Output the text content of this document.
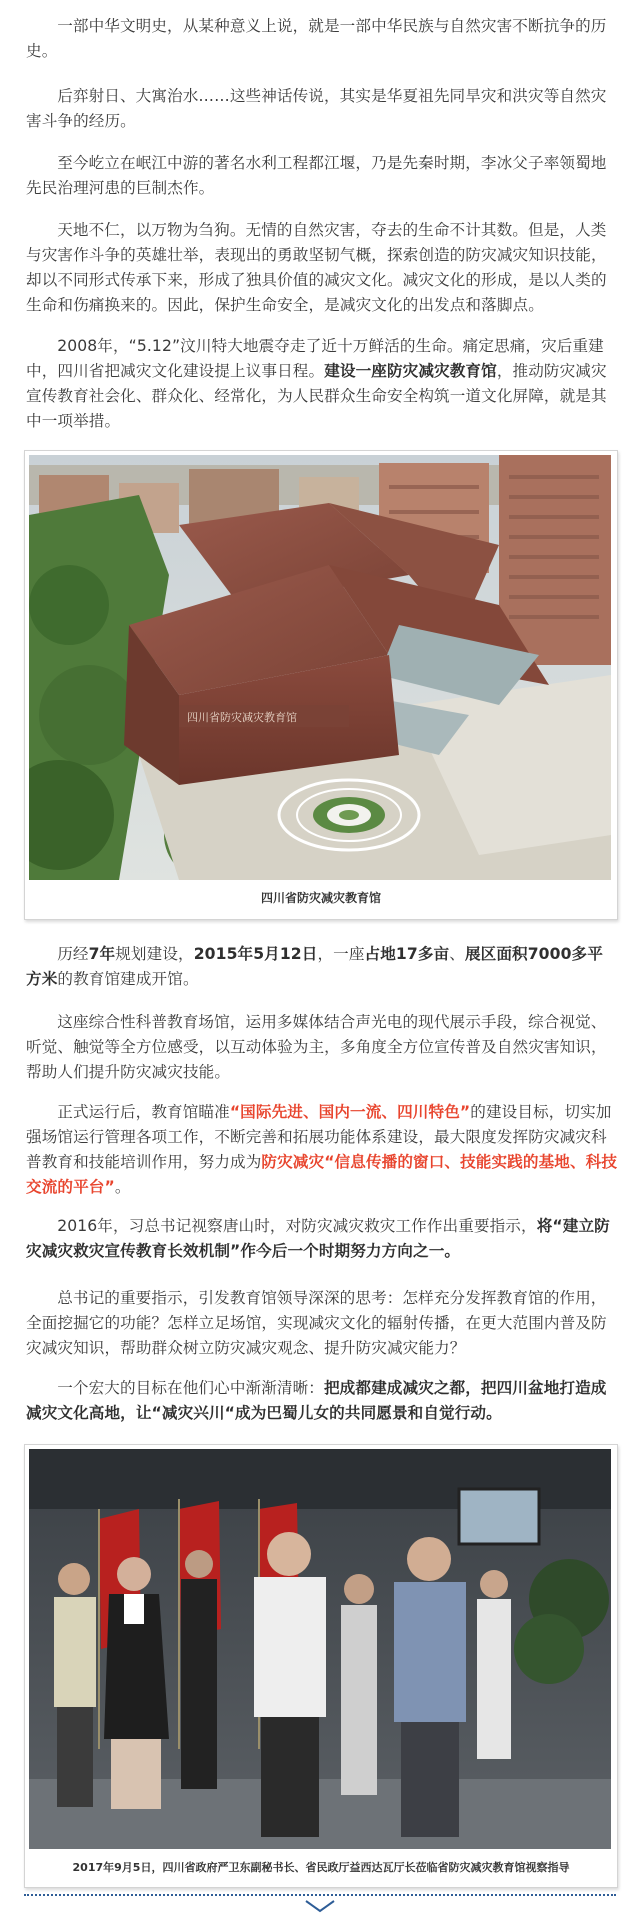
一部中华文明史，从某种意义上说，就是一部中华民族与自然灾害不断抗争的历史。

后弈射日、大寓治水……这些神话传说，其实是华夏祖先同旱灾和洪灾等自然灾害斗争的经历。

至今屹立在岷江中游的著名水利工程都江堰，乃是先秦时期，李冰父子率领蜀地先民治理河患的巨制杰作。

天地不仁，以万物为刍狗。无情的自然灾害，夺去的生命不计其数。但是，人类与灾害作斗争的英雄壮举，表现出的勇敢坚韧气概，探索创造的防灾减灾知识技能，却以不同形式传承下来，形成了独具价值的减灾文化。减灾文化的形成，是以人类的生命和伤痛换来的。因此，保护生命安全，是减灾文化的出发点和落脚点。

2008年，“5.12”汶川特大地震夺走了近十万鲜活的生命。痛定思痛，灾后重建中，四川省把减灾文化建设提上议事日程。建设一座防灾减灾教育馆，推动防灾减灾宣传教育社会化、群众化、经常化，为人民群众生命安全构筑一道文化屏障，就是其中一项举措。

四川省防灾减灾教育馆
四川省防灾减灾教育馆

历经7年规划建设，2015年5月12日，一座占地17多亩、展区面积7000多平方米的教育馆建成开馆。

这座综合性科普教育场馆，运用多媒体结合声光电的现代展示手段，综合视觉、听觉、触觉等全方位感受，以互动体验为主，多角度全方位宣传普及自然灾害知识，帮助人们提升防灾减灾技能。

正式运行后，教育馆瞄准“国际先进、国内一流、四川特色”的建设目标，切实加强场馆运行管理各项工作，不断完善和拓展功能体系建设，最大限度发挥防灾减灾科普教育和技能培训作用，努力成为防灾减灾“信息传播的窗口、技能实践的基地、科技交流的平台”。

2016年，习总书记视察唐山时，对防灾减灾救灾工作作出重要指示，将“建立防灾减灾救灾宣传教育长效机制”作今后一个时期努力方向之一。

总书记的重要指示，引发教育馆领导深深的思考：怎样充分发挥教育馆的作用，全面挖掘它的功能？怎样立足场馆，实现减灾文化的辐射传播，在更大范围内普及防灾减灾知识，帮助群众树立防灾减灾观念、提升防灾减灾能力？

一个宏大的目标在他们心中渐渐清晰：把成都建成减灾之都，把四川盆地打造成减灾文化高地，让“减灾兴川“成为巴蜀儿女的共同愿景和自觉行动。

2017年9月5日，四川省政府严卫东副秘书长、省民政厅益西达瓦厅长莅临省防灾减灾教育馆视察指导
